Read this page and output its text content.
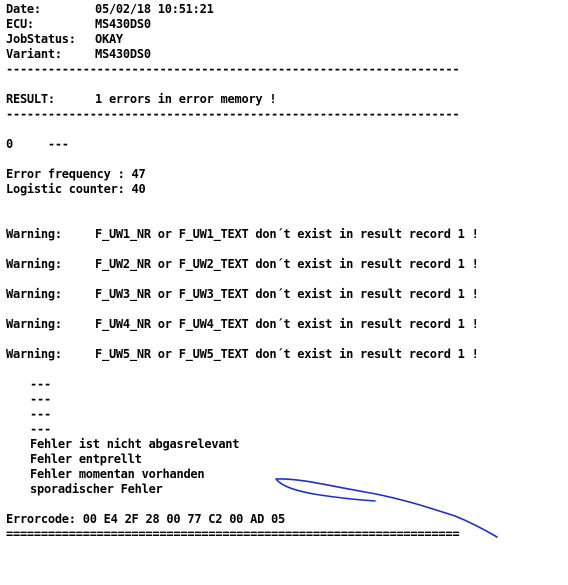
Date:	05/02/18 10:51:21
ECU:	MS430DS0
JobStatus: OKAY
Variant:	MS430DS0
-----------------------------------------------------------------
RESULT:	1 errors in error memory !
-----------------------------------------------------------------
0     ---
Error frequency : 47
Logistic counter: 40
Warning:	F_UW1_NR or F_UW1_TEXT don´t exist in result record 1 !
Warning:	F_UW2_NR or F_UW2_TEXT don´t exist in result record 1 !
Warning:	F_UW3_NR or F_UW3_TEXT don´t exist in result record 1 !
Warning:	F_UW4_NR or F_UW4_TEXT don´t exist in result record 1 !
Warning:	F_UW5_NR or F_UW5_TEXT don´t exist in result record 1 !
---
---
---
---
Fehler ist nicht abgasrelevant
Fehler entprellt
Fehler momentan vorhanden
sporadischer Fehler
Errorcode: 00 E4 2F 28 00 77 C2 00 AD 05
=================================================================
